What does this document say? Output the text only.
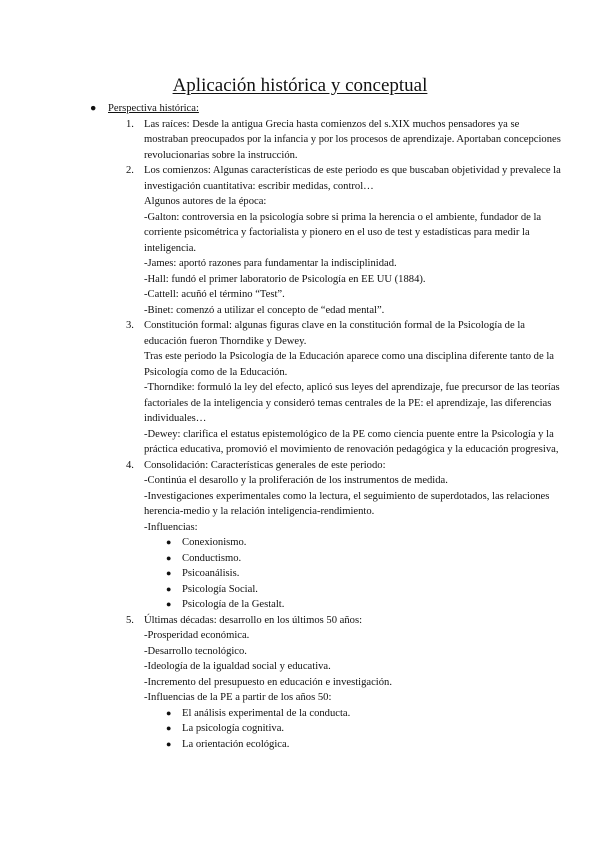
Aplicación histórica y conceptual
● Perspectiva histórica:
1. Las raíces: Desde la antigua Grecia hasta comienzos del s.XIX muchos pensadores ya se mostraban preocupados por la infancia y por los procesos de aprendizaje. Aportaban concepciones revolucionarias sobre la instrucción.

2. Los comienzos: Algunas características de este periodo es que buscaban objetividad y prevalece la investigación cuantitativa: escribir medidas, control…

Algunos autores de la época:

-Galton: controversia en la psicología sobre si prima la herencia o el ambiente, fundador de la corriente psicométrica y factorialista y pionero en el uso de test y estadísticas para medir la inteligencia.

-James: aportó razones para fundamentar la indisciplinidad.

-Hall: fundó el primer laboratorio de Psicología en EE UU (1884).

-Cattell: acuñó el término “Test”.

-Binet: comenzó a utilizar el concepto de “edad mental”.

3. Constitución formal: algunas figuras clave en la constitución formal de la Psicología de la educación fueron Thorndike y Dewey.

Tras este periodo la Psicología de la Educación aparece como una disciplina diferente tanto de la Psicología como de la Educación.

-Thorndike: formuló la ley del efecto, aplicó sus leyes del aprendizaje, fue precursor de las teorías factoriales de la inteligencia y consideró temas centrales de la PE: el aprendizaje, las diferencias individuales…

-Dewey: clarifica el estatus epistemológico de la PE como ciencia puente entre la Psicología y la práctica educativa, promovió el movimiento de renovación pedagógica y la educación progresiva,

4. Consolidación: Características generales de este periodo:

-Continúa el desarollo y la proliferación de los instrumentos de medida.

-Investigaciones experimentales como la lectura, el seguimiento de superdotados, las relaciones herencia-medio y la relación inteligencia-rendimiento.

-Influencias:

● Conexionismo.
● Conductismo.
● Psicoanálisis.
● Psicología Social.
● Psicología de la Gestalt.
5. Últimas décadas: desarrollo en los últimos 50 años:

-Prosperidad económica.

-Desarrollo tecnológico.

-Ideología de la igualdad social y educativa.

-Incremento del presupuesto en educación e investigación.

-Influencias de la PE a partir de los años 50:

● El análisis experimental de la conducta.
● La psicología cognitiva.
● La orientación ecológica.
